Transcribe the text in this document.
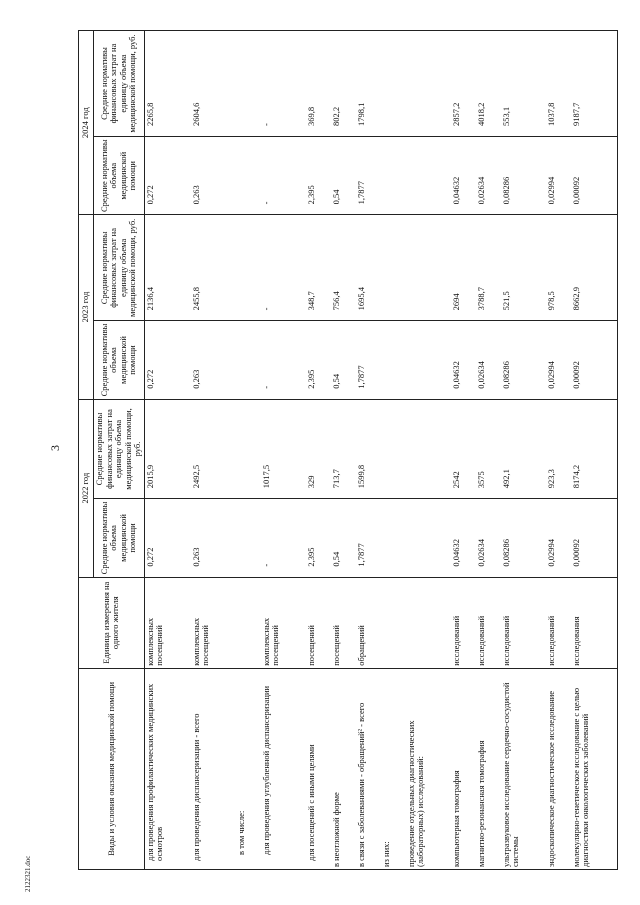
3
2122321.doc
Виды и условия оказания медицинской помощи	Единица измерения на одного жителя	2022 год		2023 год		2024 год	
		Средние нормативы объема медицинской помощи	Средние нормативы финансовых затрат на единицу объема медицинской помощи, руб.	Средние нормативы объема медицинской помощи	Средние нормативы финансовых затрат на единицу объема медицинской помощи, руб.	Средние нормативы объема медицинской помощи	Средние нормативы финансовых затрат на единицу объема медицинской помощи, руб.
для проведения профилактических медицинских осмотров	комплексных посещений	0,272	2015,9	0,272	2136,4	0,272	2265,8
для проведения диспансеризации - всего	комплексных посещений	0,263	2492,5	0,263	2455,8	0,263	2604,6
в том числе:							
для проведения углубленной диспансеризации	комплексных посещений	-	1017,5	-	-	-	-
для посещений с иными целями	посещений	2,395	329	2,395	348,7	2,395	369,8
в неотложной форме	посещений	0,54	713,7	0,54	756,4	0,54	802,2
в связи с заболеваниями - обращений² - всего	обращений	1,7877	1599,8	1,7877	1695,4	1,7877	1798,1
из них:							
проведение отдельных диагностических (лабораторных) исследований:							
компьютерная томография	исследований	0,04632	2542	0,04632	2694	0,04632	2857,2
магнитно-резонансная томография	исследований	0,02634	3575	0,02634	3788,7	0,02634	4018,2
ультразвуковое исследование сердечно-сосудистой системы	исследований	0,08286	492,1	0,08286	521,5	0,08286	553,1
эндоскопическое диагностическое исследование	исследований	0,02994	923,3	0,02994	978,5	0,02994	1037,8
молекулярно-генетическое исследование с целью диагностики онкологических заболеваний	исследования	0,00092	8174,2	0,00092	8662,9	0,00092	9187,7
